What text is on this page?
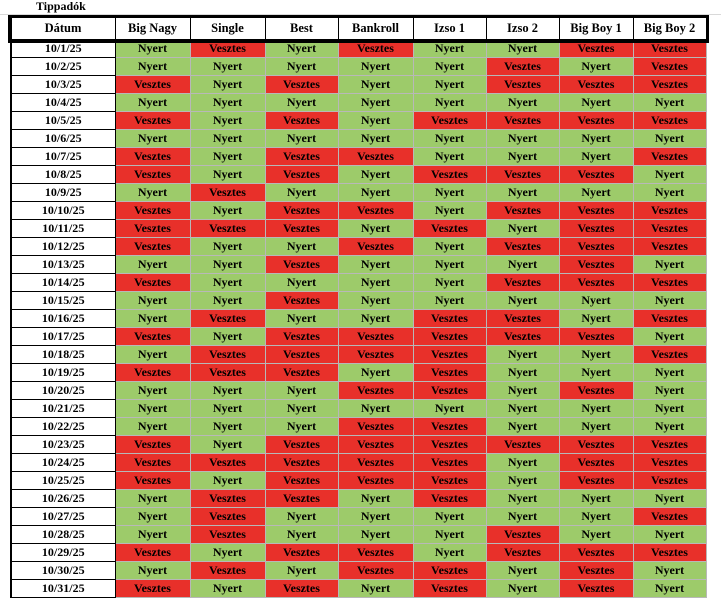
Tippadók
Dátum	Big Nagy	Single	Best	Bankroll	Izso 1	Izso 2	Big Boy 1	Big Boy 2
10/1/25	Nyert	Vesztes	Nyert	Vesztes	Nyert	Nyert	Vesztes	Vesztes
10/2/25	Nyert	Nyert	Nyert	Nyert	Nyert	Vesztes	Nyert	Vesztes
10/3/25	Vesztes	Nyert	Vesztes	Nyert	Nyert	Vesztes	Vesztes	Vesztes
10/4/25	Nyert	Nyert	Nyert	Nyert	Nyert	Nyert	Nyert	Nyert
10/5/25	Vesztes	Nyert	Vesztes	Nyert	Vesztes	Vesztes	Vesztes	Vesztes
10/6/25	Nyert	Nyert	Nyert	Nyert	Nyert	Nyert	Nyert	Nyert
10/7/25	Vesztes	Nyert	Vesztes	Vesztes	Nyert	Nyert	Nyert	Vesztes
10/8/25	Vesztes	Nyert	Vesztes	Nyert	Vesztes	Vesztes	Vesztes	Nyert
10/9/25	Nyert	Vesztes	Nyert	Nyert	Nyert	Nyert	Nyert	Nyert
10/10/25	Vesztes	Nyert	Vesztes	Vesztes	Nyert	Vesztes	Vesztes	Vesztes
10/11/25	Vesztes	Vesztes	Vesztes	Nyert	Vesztes	Nyert	Vesztes	Vesztes
10/12/25	Vesztes	Nyert	Nyert	Vesztes	Nyert	Vesztes	Vesztes	Vesztes
10/13/25	Nyert	Nyert	Vesztes	Nyert	Nyert	Nyert	Vesztes	Nyert
10/14/25	Vesztes	Nyert	Nyert	Nyert	Nyert	Vesztes	Vesztes	Vesztes
10/15/25	Nyert	Nyert	Vesztes	Nyert	Nyert	Nyert	Nyert	Nyert
10/16/25	Nyert	Vesztes	Nyert	Nyert	Vesztes	Vesztes	Nyert	Vesztes
10/17/25	Vesztes	Nyert	Vesztes	Vesztes	Vesztes	Vesztes	Vesztes	Nyert
10/18/25	Nyert	Vesztes	Vesztes	Vesztes	Vesztes	Nyert	Nyert	Vesztes
10/19/25	Vesztes	Vesztes	Vesztes	Nyert	Vesztes	Nyert	Nyert	Nyert
10/20/25	Nyert	Nyert	Nyert	Vesztes	Vesztes	Nyert	Vesztes	Nyert
10/21/25	Nyert	Nyert	Nyert	Nyert	Nyert	Nyert	Nyert	Nyert
10/22/25	Nyert	Nyert	Nyert	Vesztes	Vesztes	Nyert	Nyert	Nyert
10/23/25	Vesztes	Nyert	Vesztes	Vesztes	Vesztes	Vesztes	Vesztes	Vesztes
10/24/25	Vesztes	Vesztes	Vesztes	Vesztes	Vesztes	Nyert	Vesztes	Vesztes
10/25/25	Vesztes	Nyert	Vesztes	Vesztes	Vesztes	Nyert	Vesztes	Vesztes
10/26/25	Nyert	Vesztes	Vesztes	Nyert	Vesztes	Nyert	Nyert	Nyert
10/27/25	Nyert	Vesztes	Nyert	Nyert	Nyert	Nyert	Nyert	Vesztes
10/28/25	Nyert	Vesztes	Nyert	Nyert	Nyert	Vesztes	Nyert	Nyert
10/29/25	Vesztes	Nyert	Vesztes	Vesztes	Nyert	Vesztes	Vesztes	Vesztes
10/30/25	Nyert	Vesztes	Nyert	Vesztes	Vesztes	Nyert	Vesztes	Nyert
10/31/25	Vesztes	Nyert	Vesztes	Nyert	Vesztes	Nyert	Vesztes	Nyert
